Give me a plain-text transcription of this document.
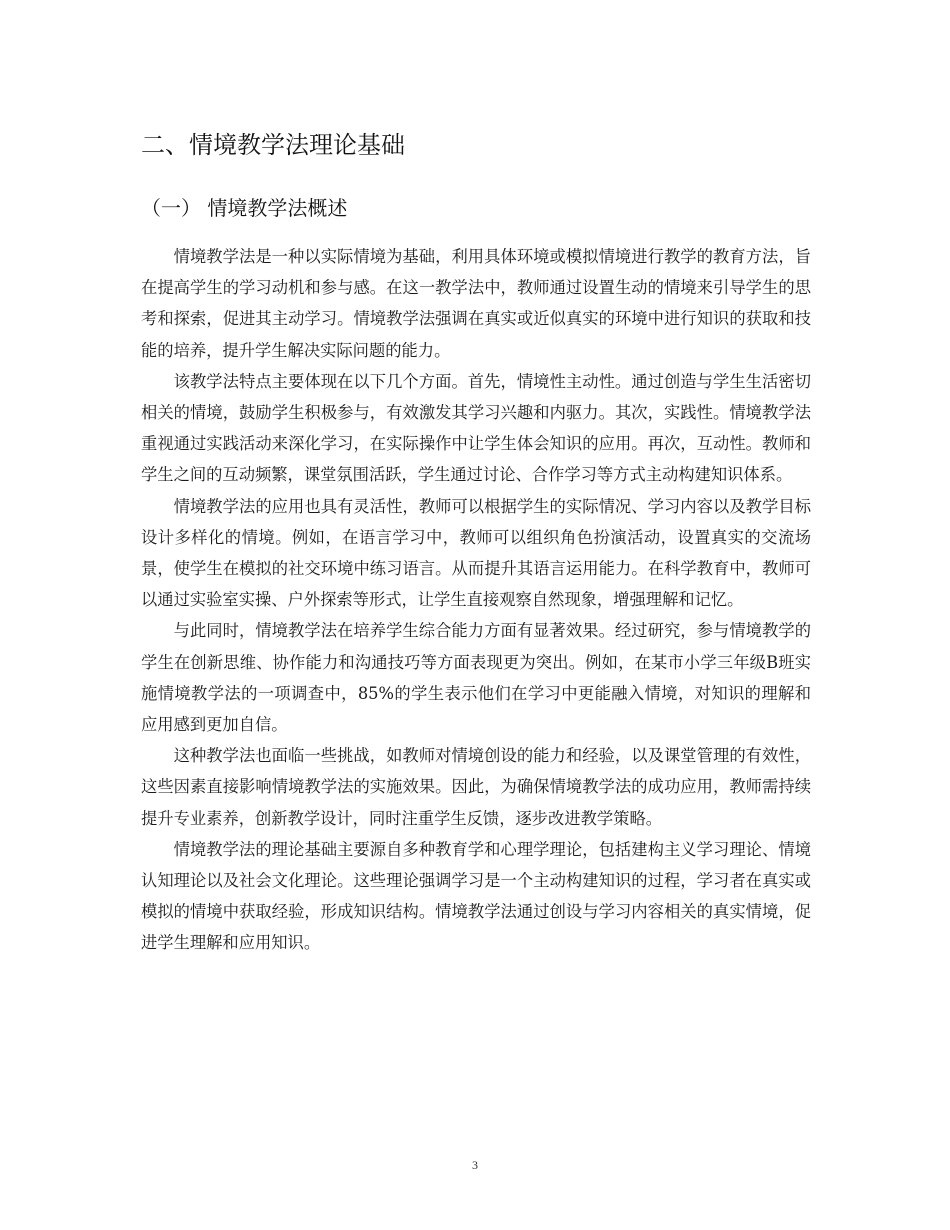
二、情境教学法理论基础
（一） 情境教学法概述

情境教学法是一种以实际情境为基础，利用具体环境或模拟情境进行教学的教育方法，旨在提高学生的学习动机和参与感。在这一教学法中，教师通过设置生动的情境来引导学生的思考和探索，促进其主动学习。情境教学法强调在真实或近似真实的环境中进行知识的获取和技能的培养，提升学生解决实际问题的能力。

该教学法特点主要体现在以下几个方面。首先，情境性主动性。通过创造与学生生活密切相关的情境，鼓励学生积极参与，有效激发其学习兴趣和内驱力。其次，实践性。情境教学法重视通过实践活动来深化学习，在实际操作中让学生体会知识的应用。再次，互动性。教师和学生之间的互动频繁，课堂氛围活跃，学生通过讨论、合作学习等方式主动构建知识体系。

情境教学法的应用也具有灵活性，教师可以根据学生的实际情况、学习内容以及教学目标设计多样化的情境。例如，在语言学习中，教师可以组织角色扮演活动，设置真实的交流场景，使学生在模拟的社交环境中练习语言。从而提升其语言运用能力。在科学教育中，教师可以通过实验室实操、户外探索等形式，让学生直接观察自然现象，增强理解和记忆。

与此同时，情境教学法在培养学生综合能力方面有显著效果。经过研究，参与情境教学的学生在创新思维、协作能力和沟通技巧等方面表现更为突出。例如，在某市小学三年级B班实施情境教学法的一项调查中，85%的学生表示他们在学习中更能融入情境，对知识的理解和应用感到更加自信。

这种教学法也面临一些挑战，如教师对情境创设的能力和经验，以及课堂管理的有效性，这些因素直接影响情境教学法的实施效果。因此，为确保情境教学法的成功应用，教师需持续提升专业素养，创新教学设计，同时注重学生反馈，逐步改进教学策略。

情境教学法的理论基础主要源自多种教育学和心理学理论，包括建构主义学习理论、情境认知理论以及社会文化理论。这些理论强调学习是一个主动构建知识的过程，学习者在真实或模拟的情境中获取经验，形成知识结构。情境教学法通过创设与学习内容相关的真实情境，促进学生理解和应用知识。

3
